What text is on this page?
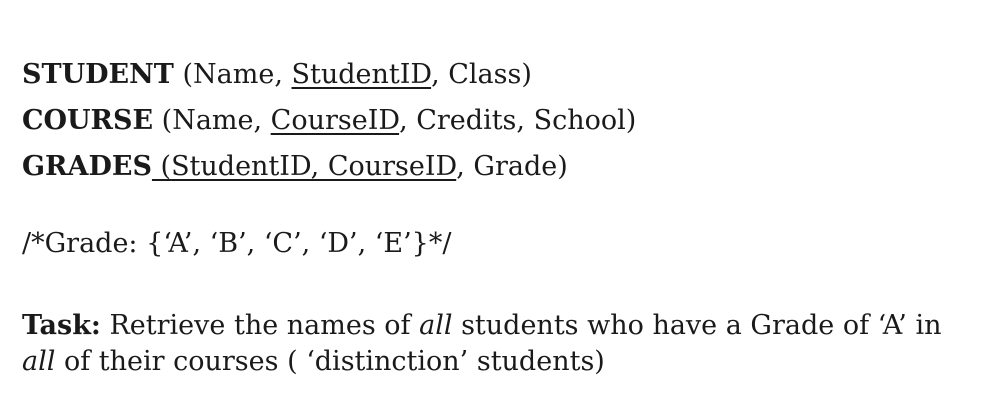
STUDENT (Name, StudentID, Class)
COURSE (Name, CourseID, Credits, School)
GRADES (StudentID, CourseID, Grade)
/*Grade: {‘A’, ‘B’, ‘C’, ‘D’, ‘E’}*/
Task: Retrieve the names of all students who have a Grade of ‘A’ in all of their courses ( ‘distinction’ students)
